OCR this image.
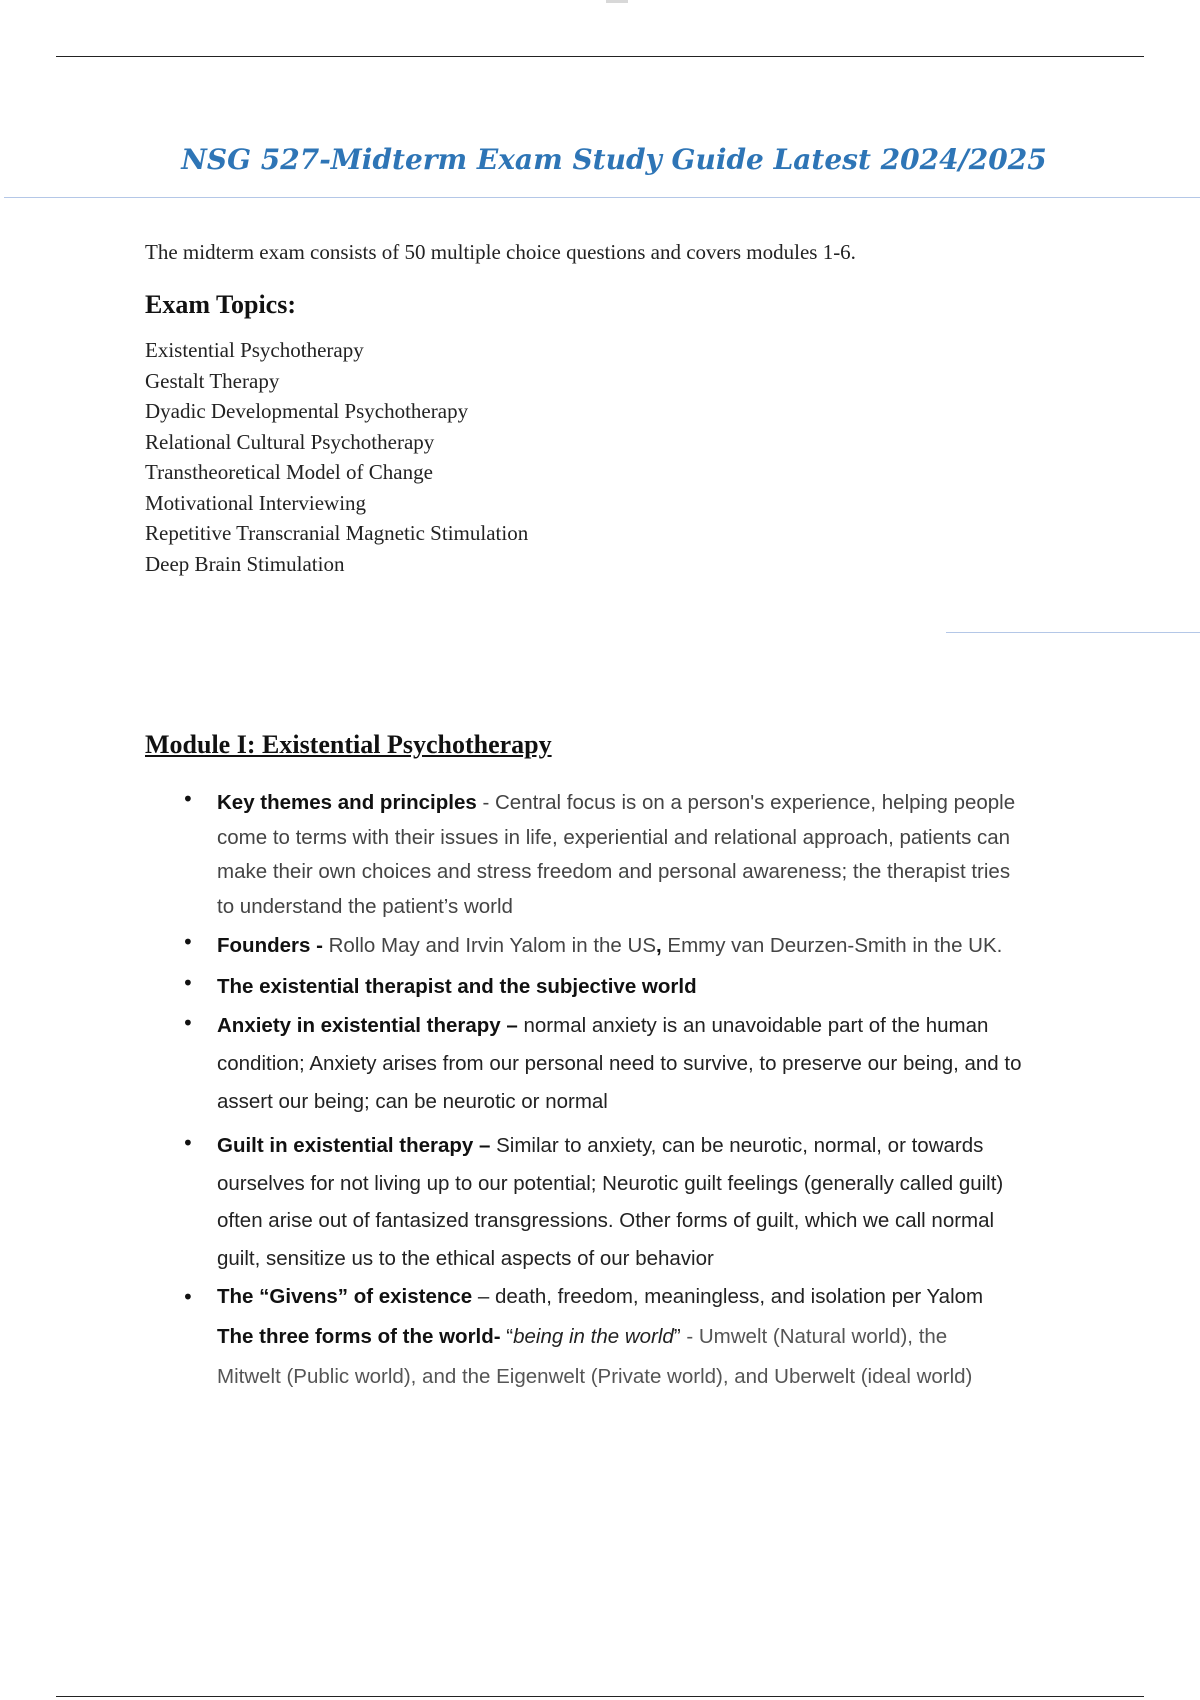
NSG 527-Midterm Exam Study Guide Latest 2024/2025

The midterm exam consists of 50 multiple choice questions and covers modules 1-6.

Exam Topics:
Existential Psychotherapy
Gestalt Therapy
Dyadic Developmental Psychotherapy
Relational Cultural Psychotherapy
Transtheoretical Model of Change
Motivational Interviewing
Repetitive Transcranial Magnetic Stimulation
Deep Brain Stimulation
Module I: Existential Psychotherapy
• Key themes and principles - Central focus is on a person's experience, helping people
come to terms with their issues in life, experiential and relational approach, patients can
make their own choices and stress freedom and personal awareness; the therapist tries
to understand the patient’s world
• Founders - Rollo May and Irvin Yalom in the US, Emmy van Deurzen-Smith in the UK.
• The existential therapist and the subjective world
• Anxiety in existential therapy – normal anxiety is an unavoidable part of the human
condition; Anxiety arises from our personal need to survive, to preserve our being, and to
assert our being; can be neurotic or normal
• Guilt in existential therapy – Similar to anxiety, can be neurotic, normal, or towards
ourselves for not living up to our potential; Neurotic guilt feelings (generally called guilt)
often arise out of fantasized transgressions. Other forms of guilt, which we call normal
guilt, sensitize us to the ethical aspects of our behavior
• The “Givens” of existence – death, freedom, meaningless, and isolation per Yalom
The three forms of the world- “being in the world” - Umwelt (Natural world), the
Mitwelt (Public world), and the Eigenwelt (Private world), and Uberwelt (ideal world)
